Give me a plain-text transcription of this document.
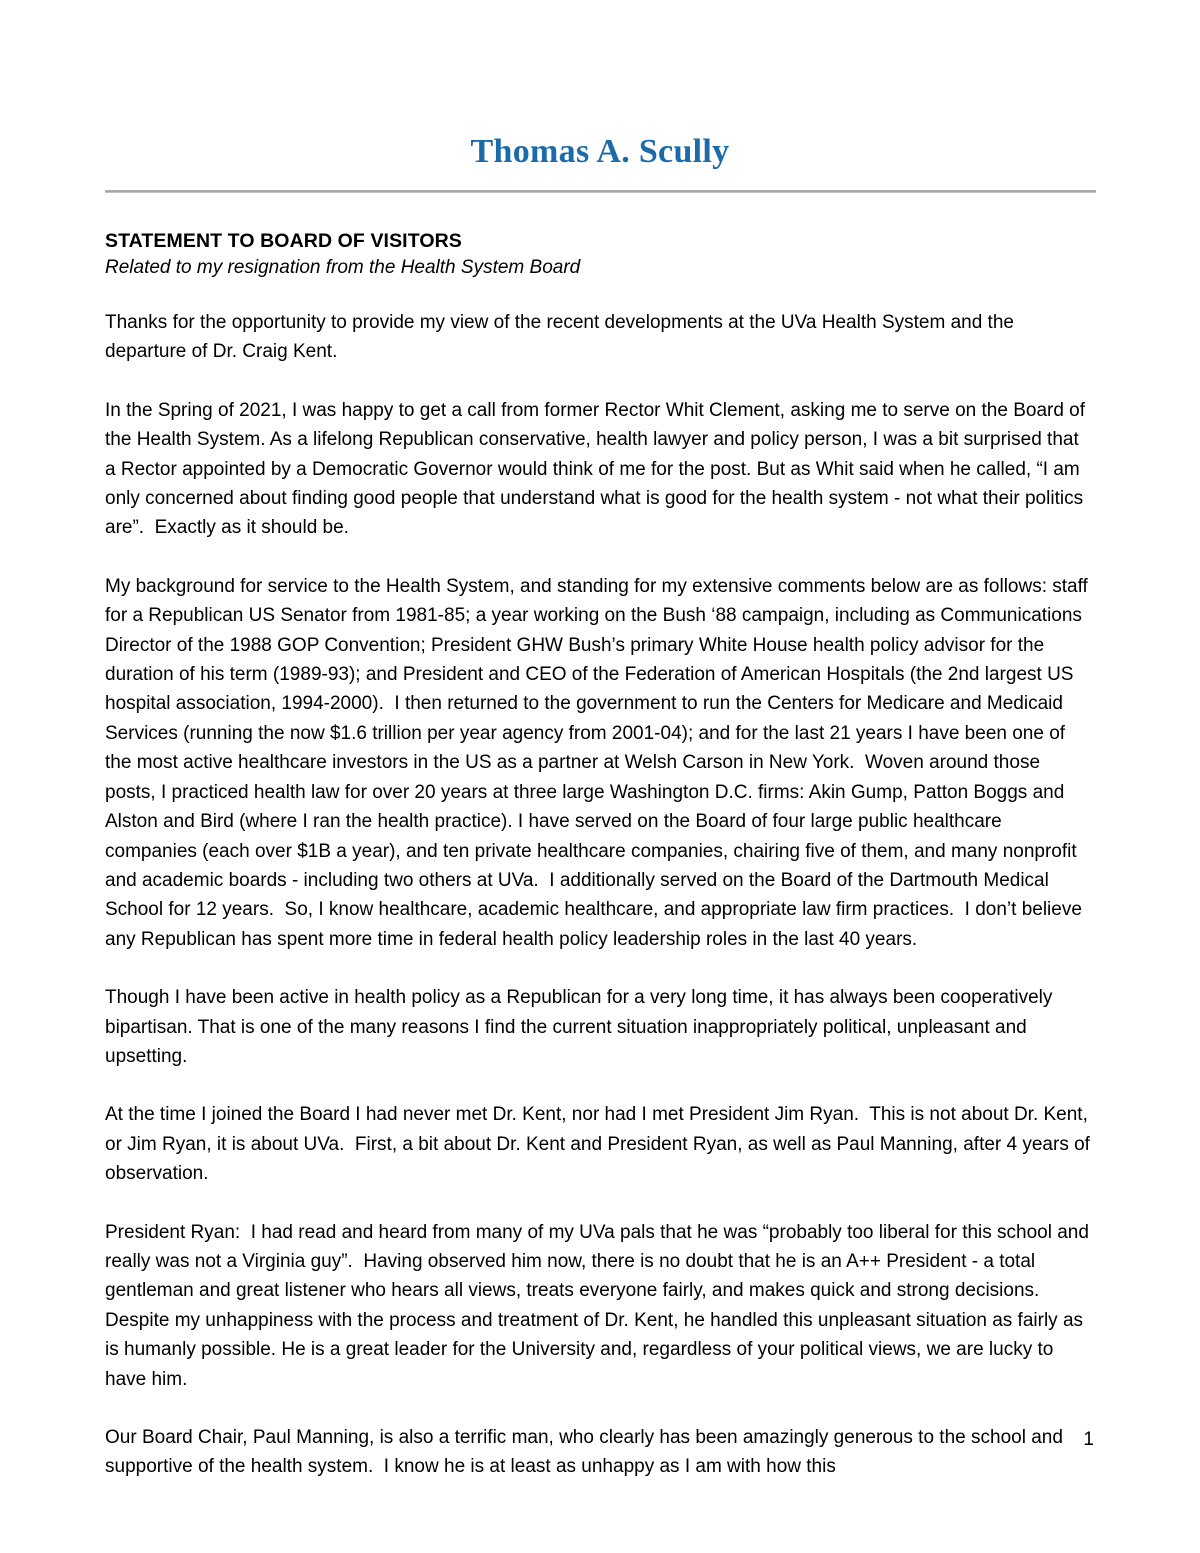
Thomas A. Scully
STATEMENT TO BOARD OF VISITORS
Related to my resignation from the Health System Board

Thanks for the opportunity to provide my view of the recent developments at the UVa Health System and the departure of Dr. Craig Kent.

In the Spring of 2021, I was happy to get a call from former Rector Whit Clement, asking me to serve on the Board of the Health System. As a lifelong Republican conservative, health lawyer and policy person, I was a bit surprised that a Rector appointed by a Democratic Governor would think of me for the post. But as Whit said when he called, “I am only concerned about finding good people that understand what is good for the health system - not what their politics are”.  Exactly as it should be.

My background for service to the Health System, and standing for my extensive comments below are as follows: staff for a Republican US Senator from 1981-85; a year working on the Bush ‘88 campaign, including as Communications Director of the 1988 GOP Convention; President GHW Bush’s primary White House health policy advisor for the duration of his term (1989-93); and President and CEO of the Federation of American Hospitals (the 2nd largest US hospital association, 1994-2000).  I then returned to the government to run the Centers for Medicare and Medicaid Services (running the now $1.6 trillion per year agency from 2001-04); and for the last 21 years I have been one of the most active healthcare investors in the US as a partner at Welsh Carson in New York.  Woven around those posts, I practiced health law for over 20 years at three large Washington D.C. firms: Akin Gump, Patton Boggs and Alston and Bird (where I ran the health practice). I have served on the Board of four large public healthcare companies (each over $1B a year), and ten private healthcare companies, chairing five of them, and many nonprofit and academic boards - including two others at UVa.  I additionally served on the Board of the Dartmouth Medical School for 12 years.  So, I know healthcare, academic healthcare, and appropriate law firm practices.  I don’t believe any Republican has spent more time in federal health policy leadership roles in the last 40 years.

Though I have been active in health policy as a Republican for a very long time, it has always been cooperatively bipartisan. That is one of the many reasons I find the current situation inappropriately political, unpleasant and upsetting.

At the time I joined the Board I had never met Dr. Kent, nor had I met President Jim Ryan.  This is not about Dr. Kent, or Jim Ryan, it is about UVa.  First, a bit about Dr. Kent and President Ryan, as well as Paul Manning, after 4 years of observation.

President Ryan:  I had read and heard from many of my UVa pals that he was “probably too liberal for this school and really was not a Virginia guy”.  Having observed him now, there is no doubt that he is an A++ President - a total gentleman and great listener who hears all views, treats everyone fairly, and makes quick and strong decisions.  Despite my unhappiness with the process and treatment of Dr. Kent, he handled this unpleasant situation as fairly as is humanly possible. He is a great leader for the University and, regardless of your political views, we are lucky to have him.

Our Board Chair, Paul Manning, is also a terrific man, who clearly has been amazingly generous to the school and supportive of the health system.  I know he is at least as unhappy as I am with how this

1
